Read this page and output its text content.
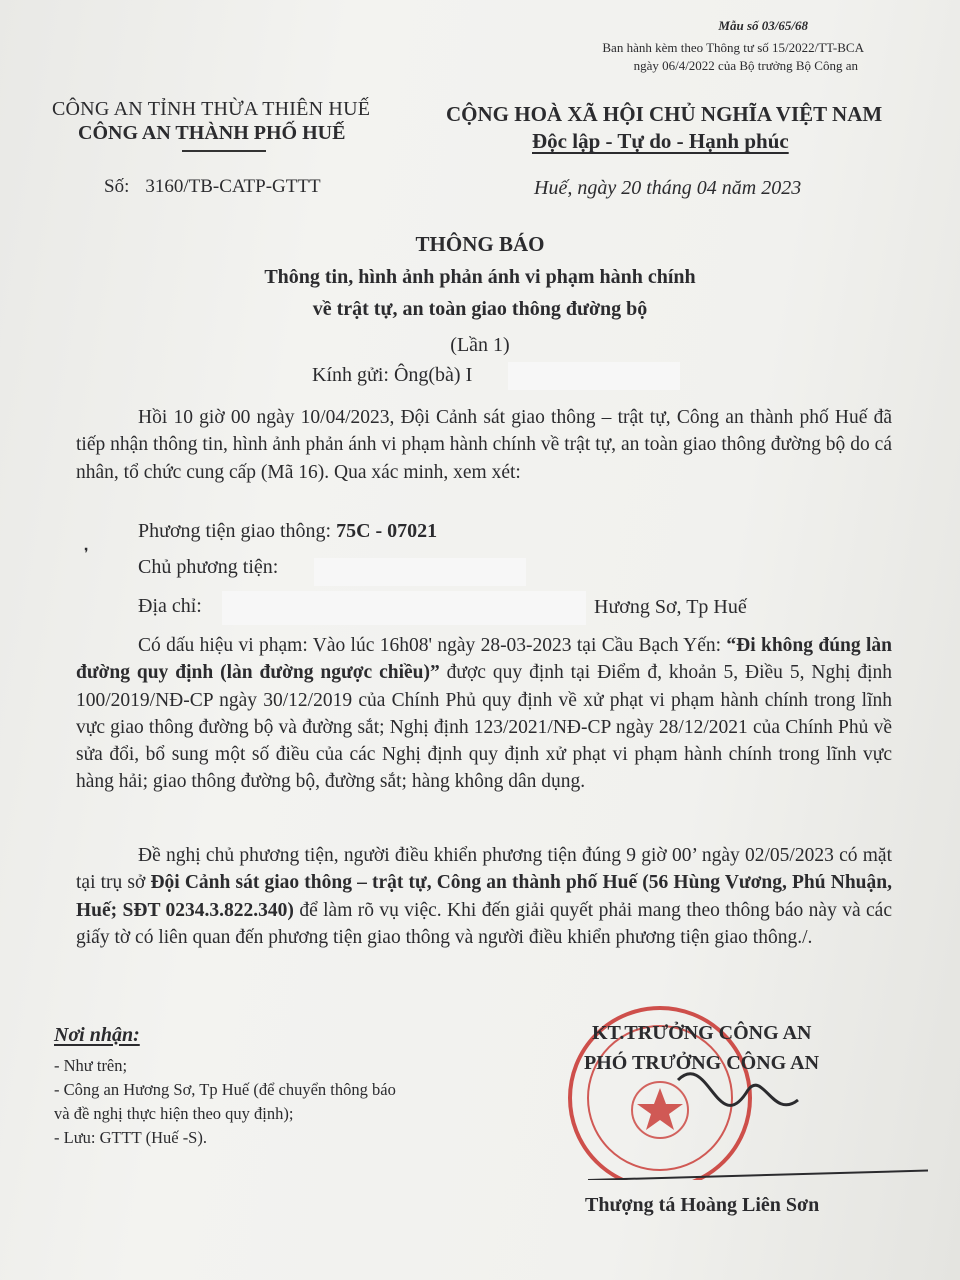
Mẫu số 03/65/68
Ban hành kèm theo Thông tư số 15/2022/TT-BCA
ngày 06/4/2022 của Bộ trưởng Bộ Công an
CÔNG AN TỈNH THỪA THIÊN HUẾ
CÔNG AN THÀNH PHỐ HUẾ
Số: 3160/TB-CATP-GTTT
CỘNG HOÀ XÃ HỘI CHỦ NGHĨA VIỆT NAM
Độc lập - Tự do - Hạnh phúc
Huế, ngày 20 tháng 04 năm 2023
THÔNG BÁO
Thông tin, hình ảnh phản ánh vi phạm hành chính
về trật tự, an toàn giao thông đường bộ
(Lần 1)
Kính gửi: Ông(bà) I
Hồi 10 giờ 00 ngày 10/04/2023, Đội Cảnh sát giao thông – trật tự, Công an thành phố Huế đã tiếp nhận thông tin, hình ảnh phản ánh vi phạm hành chính về trật tự, an toàn giao thông đường bộ do cá nhân, tổ chức cung cấp (Mã 16). Qua xác minh, xem xét:
Phương tiện giao thông: 75C - 07021
❜
Chủ phương tiện:
Địa chỉ:	Hương Sơ, Tp Huế
Có dấu hiệu vi phạm: Vào lúc 16h08' ngày 28-03-2023 tại Cầu Bạch Yến: “Đi không đúng làn đường quy định (làn đường ngược chiều)” được quy định tại Điểm đ, khoản 5, Điều 5, Nghị định 100/2019/NĐ-CP ngày 30/12/2019 của Chính Phủ quy định về xử phạt vi phạm hành chính trong lĩnh vực giao thông đường bộ và đường sắt; Nghị định 123/2021/NĐ-CP ngày 28/12/2021 của Chính Phủ về sửa đổi, bổ sung một số điều của các Nghị định quy định xử phạt vi phạm hành chính trong lĩnh vực hàng hải; giao thông đường bộ, đường sắt; hàng không dân dụng.
Đề nghị chủ phương tiện, người điều khiển phương tiện đúng 9 giờ 00’ ngày 02/05/2023 có mặt tại trụ sở Đội Cảnh sát giao thông – trật tự, Công an thành phố Huế (56 Hùng Vương, Phú Nhuận, Huế; SĐT 0234.3.822.340) để làm rõ vụ việc. Khi đến giải quyết phải mang theo thông báo này và các giấy tờ có liên quan đến phương tiện giao thông và người điều khiển phương tiện giao thông./.
Nơi nhận:
- Như trên;
- Công an Hương Sơ, Tp Huế (để chuyển thông báo
và đề nghị thực hiện theo quy định);
- Lưu: GTTT (Huế -S).
KT.TRƯỞNG CÔNG AN
PHÓ TRƯỞNG CÔNG AN
Thượng tá Hoàng Liên Sơn
